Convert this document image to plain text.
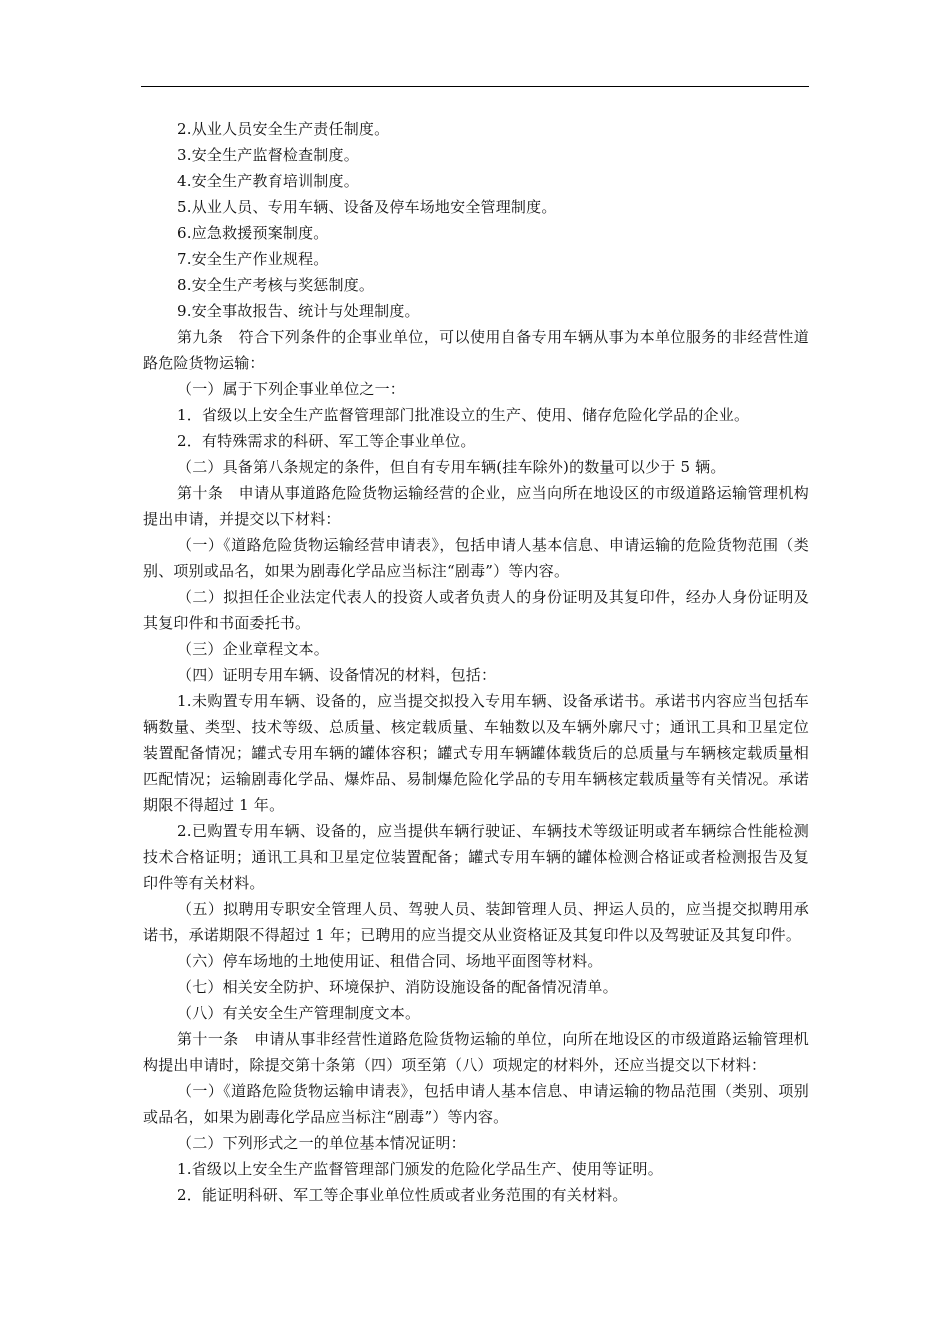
2.从业人员安全生产责任制度。

3.安全生产监督检查制度。

4.安全生产教育培训制度。

5.从业人员、专用车辆、设备及停车场地安全管理制度。

6.应急救援预案制度。

7.安全生产作业规程。

8.安全生产考核与奖惩制度。

9.安全事故报告、统计与处理制度。

第九条　符合下列条件的企事业单位，可以使用自备专用车辆从事为本单位服务的非经营性道路危险货物运输：

（一）属于下列企事业单位之一：

1．省级以上安全生产监督管理部门批准设立的生产、使用、储存危险化学品的企业。

2．有特殊需求的科研、军工等企事业单位。

（二）具备第八条规定的条件，但自有专用车辆(挂车除外)的数量可以少于 5 辆。

第十条　申请从事道路危险货物运输经营的企业，应当向所在地设区的市级道路运输管理机构提出申请，并提交以下材料：

（一）《道路危险货物运输经营申请表》，包括申请人基本信息、申请运输的危险货物范围（类别、项别或品名，如果为剧毒化学品应当标注“剧毒”）等内容。

（二）拟担任企业法定代表人的投资人或者负责人的身份证明及其复印件，经办人身份证明及其复印件和书面委托书。

（三）企业章程文本。

（四）证明专用车辆、设备情况的材料，包括：

1.未购置专用车辆、设备的，应当提交拟投入专用车辆、设备承诺书。承诺书内容应当包括车辆数量、类型、技术等级、总质量、核定载质量、车轴数以及车辆外廓尺寸；通讯工具和卫星定位装置配备情况；罐式专用车辆的罐体容积；罐式专用车辆罐体载货后的总质量与车辆核定载质量相匹配情况；运输剧毒化学品、爆炸品、易制爆危险化学品的专用车辆核定载质量等有关情况。承诺期限不得超过 1 年。

2.已购置专用车辆、设备的，应当提供车辆行驶证、车辆技术等级证明或者车辆综合性能检测技术合格证明；通讯工具和卫星定位装置配备；罐式专用车辆的罐体检测合格证或者检测报告及复印件等有关材料。

（五）拟聘用专职安全管理人员、驾驶人员、装卸管理人员、押运人员的，应当提交拟聘用承诺书，承诺期限不得超过 1 年；已聘用的应当提交从业资格证及其复印件以及驾驶证及其复印件。

（六）停车场地的土地使用证、租借合同、场地平面图等材料。

（七）相关安全防护、环境保护、消防设施设备的配备情况清单。

（八）有关安全生产管理制度文本。

第十一条　申请从事非经营性道路危险货物运输的单位，向所在地设区的市级道路运输管理机构提出申请时，除提交第十条第（四）项至第（八）项规定的材料外，还应当提交以下材料：

（一）《道路危险货物运输申请表》，包括申请人基本信息、申请运输的物品范围（类别、项别或品名，如果为剧毒化学品应当标注“剧毒”）等内容。

（二）下列形式之一的单位基本情况证明：

1.省级以上安全生产监督管理部门颁发的危险化学品生产、使用等证明。

2．能证明科研、军工等企事业单位性质或者业务范围的有关材料。
